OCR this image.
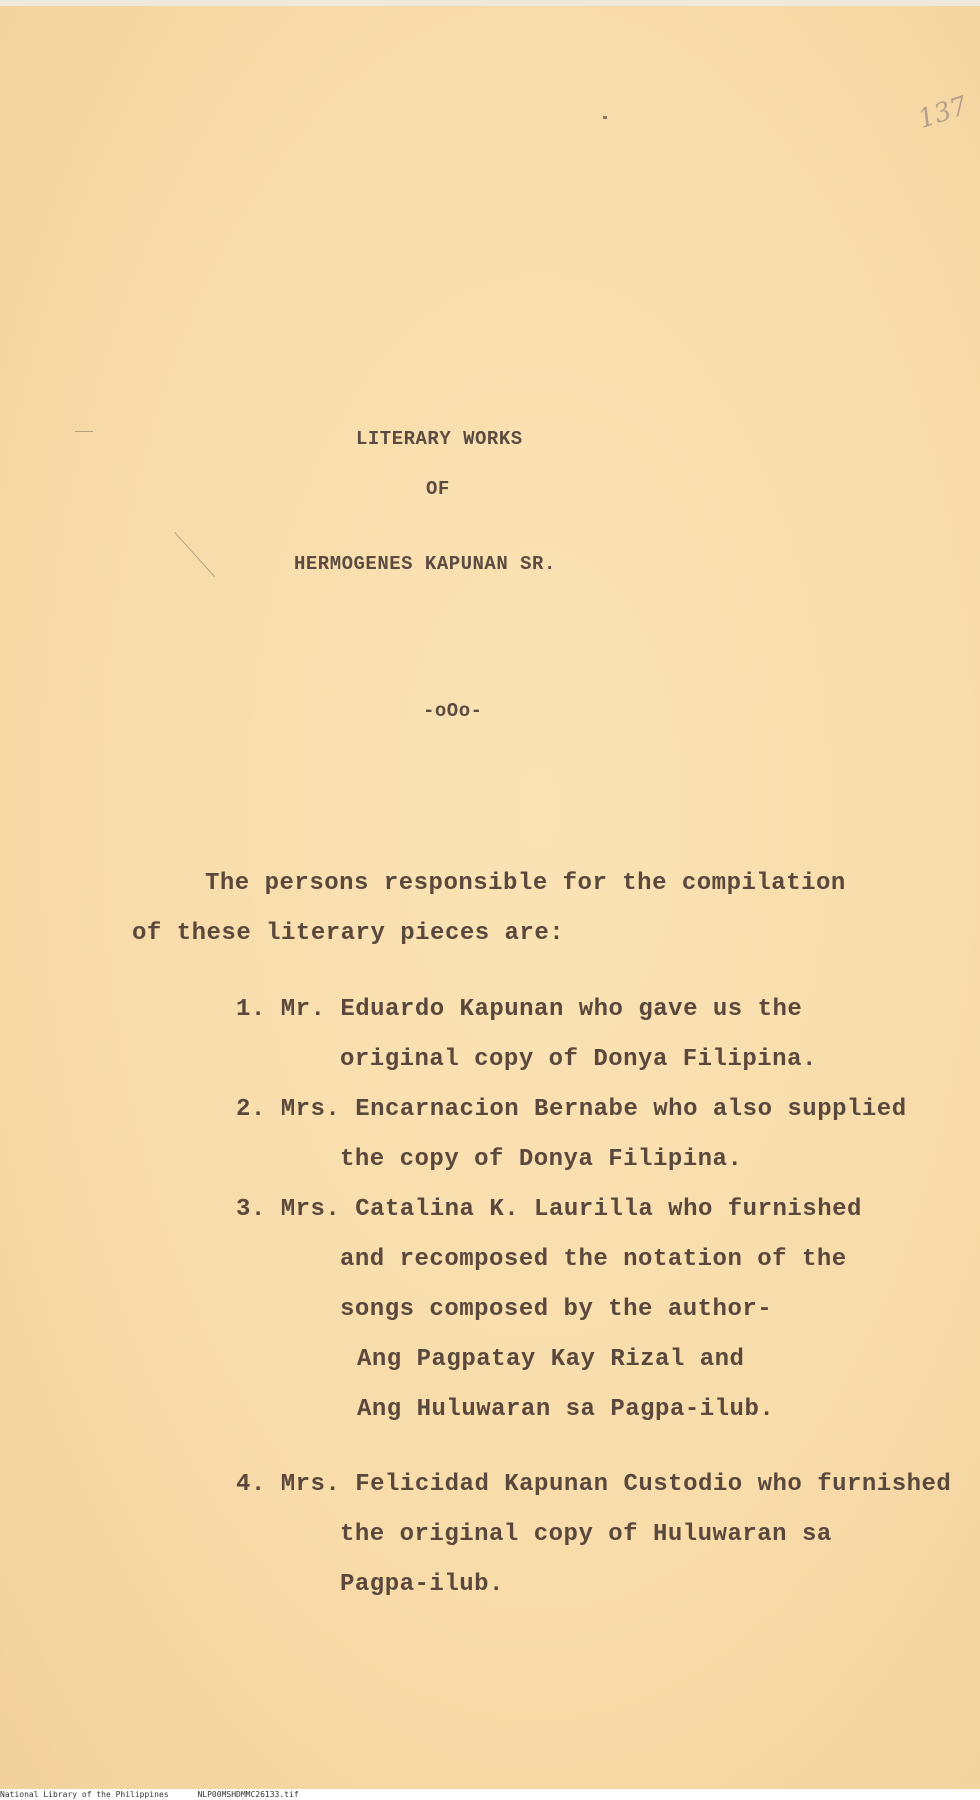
137
LITERARY WORKS
OF
HERMOGENES KAPUNAN SR.
-oOo-
The persons responsible for the compilation
of these literary pieces are:
1. Mr. Eduardo Kapunan who gave us the
original copy of Donya Filipina.
2. Mrs. Encarnacion Bernabe who also supplied
the copy of Donya Filipina.
3. Mrs. Catalina K. Laurilla who furnished
and recomposed the notation of the
songs composed by the author-
Ang Pagpatay Kay Rizal and
Ang Huluwaran sa Pagpa-ilub.
4. Mrs. Felicidad Kapunan Custodio who furnished
the original copy of Huluwaran sa
Pagpa-ilub.
National Library of the Philippines	NLP00MSHDMMC26133.tif
